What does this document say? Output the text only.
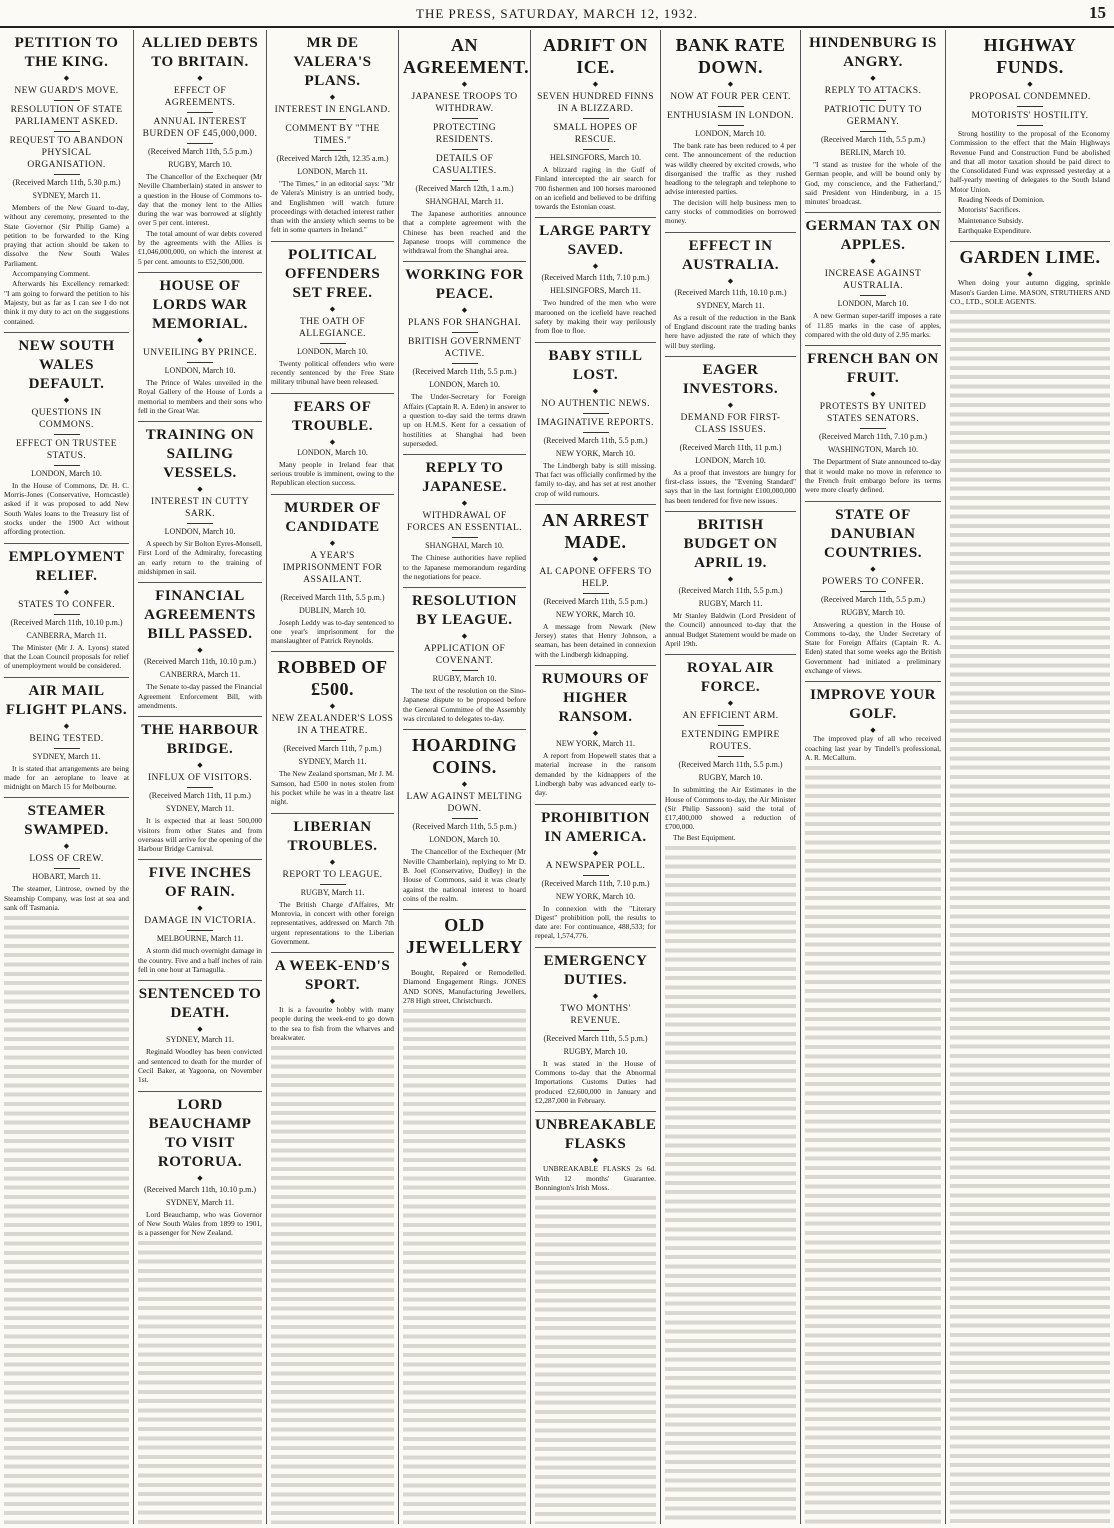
THE PRESS, SATURDAY, MARCH 12, 1932.	15
PETITION TO THE KING.
◆
NEW GUARD'S MOVE.
RESOLUTION OF STATE PARLIAMENT ASKED.
REQUEST TO ABANDON PHYSICAL ORGANISATION.
(Received March 11th, 5.30 p.m.)
SYDNEY, March 11.
Members of the New Guard to-day, without any ceremony, presented to the State Governor (Sir Philip Game) a petition to be forwarded to the King praying that action should be taken to dissolve the New South Wales Parliament.
Accompanying Comment.
Afterwards his Excellency remarked: "I am going to forward the petition to his Majesty, but as far as I can see I do not think it my duty to act on the suggestions contained.
NEW SOUTH WALES DEFAULT.
◆
QUESTIONS IN COMMONS.
EFFECT ON TRUSTEE STATUS.
LONDON, March 10.
In the House of Commons, Dr. H. C. Morris-Jones (Conservative, Horncastle) asked if it was proposed to add New South Wales loans to the Treasury list of stocks under the 1900 Act without affording protection.
EMPLOYMENT RELIEF.
◆
STATES TO CONFER.
(Received March 11th, 10.10 p.m.)
CANBERRA, March 11.
The Minister (Mr J. A. Lyons) stated that the Loan Council proposals for relief of unemployment would be considered.
AIR MAIL FLIGHT PLANS.
◆
BEING TESTED.
SYDNEY, March 11.
It is stated that arrangements are being made for an aeroplane to leave at midnight on March 15 for Melbourne.
STEAMER SWAMPED.
◆
LOSS OF CREW.
HOBART, March 11.
The steamer, Lintrose, owned by the Steamship Company, was lost at sea and sank off Tasmania.
ALLIED DEBTS TO BRITAIN.
◆
EFFECT OF AGREEMENTS.
ANNUAL INTEREST BURDEN OF £45,000,000.
(Received March 11th, 5.5 p.m.)
RUGBY, March 10.
The Chancellor of the Exchequer (Mr Neville Chamberlain) stated in answer to a question in the House of Commons to-day that the money lent to the Allies during the war was borrowed at slightly over 5 per cent. interest.
The total amount of war debts covered by the agreements with the Allies is £1,046,000,000, on which the interest at 5 per cent. amounts to £52,500,000.
HOUSE OF LORDS WAR MEMORIAL.
◆
UNVEILING BY PRINCE.
LONDON, March 10.
The Prince of Wales unveiled in the Royal Gallery of the House of Lords a memorial to members and their sons who fell in the Great War.
TRAINING ON SAILING VESSELS.
◆
INTEREST IN CUTTY SARK.
LONDON, March 10.
A speech by Sir Bolton Eyres-Monsell, First Lord of the Admiralty, forecasting an early return to the training of midshipmen in sail.
FINANCIAL AGREEMENTS BILL PASSED.
◆
(Received March 11th, 10.10 p.m.)
CANBERRA, March 11.
The Senate to-day passed the Financial Agreement Enforcement Bill, with amendments.
THE HARBOUR BRIDGE.
◆
INFLUX OF VISITORS.
(Received March 11th, 11 p.m.)
SYDNEY, March 11.
It is expected that at least 500,000 visitors from other States and from overseas will arrive for the opening of the Harbour Bridge Carnival.
FIVE INCHES OF RAIN.
◆
DAMAGE IN VICTORIA.
MELBOURNE, March 11.
A storm did much overnight damage in the country. Five and a half inches of rain fell in one hour at Tarnagulla.
SENTENCED TO DEATH.
◆
SYDNEY, March 11.
Reginald Woodley has been convicted and sentenced to death for the murder of Cecil Baker, at Yagoona, on November 1st.
LORD BEAUCHAMP TO VISIT ROTORUA.
◆
(Received March 11th, 10.10 p.m.)
SYDNEY, March 11.
Lord Beauchamp, who was Governor of New South Wales from 1899 to 1901, is a passenger for New Zealand.
MR DE VALERA'S PLANS.
◆
INTEREST IN ENGLAND.
COMMENT BY "THE TIMES."
(Received March 12th, 12.35 a.m.)
LONDON, March 11.
"The Times," in an editorial says: "Mr de Valera's Ministry is an untried body, and Englishmen will watch future proceedings with detached interest rather than with the anxiety which seems to be felt in some quarters in Ireland."
POLITICAL OFFENDERS SET FREE.
◆
THE OATH OF ALLEGIANCE.
LONDON, March 10.
Twenty political offenders who were recently sentenced by the Free State military tribunal have been released.
FEARS OF TROUBLE.
◆
LONDON, March 10.
Many people in Ireland fear that serious trouble is imminent, owing to the Republican election success.
MURDER OF CANDIDATE
◆
A YEAR'S IMPRISONMENT FOR ASSAILANT.
(Received March 11th, 5.5 p.m.)
DUBLIN, March 10.
Joseph Leddy was to-day sentenced to one year's imprisonment for the manslaughter of Patrick Reynolds.
ROBBED OF £500.
◆
NEW ZEALANDER'S LOSS IN A THEATRE.
(Received March 11th, 7 p.m.)
SYDNEY, March 11.
The New Zealand sportsman, Mr J. M. Samson, had £500 in notes stolen from his pocket while he was in a theatre last night.
LIBERIAN TROUBLES.
◆
REPORT TO LEAGUE.
RUGBY, March 11.
The British Charge d'Affaires, Mr Monrovia, in concert with other foreign representatives, addressed on March 7th urgent representations to the Liberian Government.
A WEEK-END'S SPORT.
◆
It is a favourite hobby with many people during the week-end to go down to the sea to fish from the wharves and breakwater.
AN AGREEMENT.
◆
JAPANESE TROOPS TO WITHDRAW.
PROTECTING RESIDENTS.
DETAILS OF CASUALTIES.
(Received March 12th, 1 a.m.)
SHANGHAI, March 11.
The Japanese authorities announce that a complete agreement with the Chinese has been reached and the Japanese troops will commence the withdrawal from the Shanghai area.
WORKING FOR PEACE.
◆
PLANS FOR SHANGHAI.
BRITISH GOVERNMENT ACTIVE.
(Received March 11th, 5.5 p.m.)
LONDON, March 10.
The Under-Secretary for Foreign Affairs (Captain R. A. Eden) in answer to a question to-day said the terms drawn up on H.M.S. Kent for a cessation of hostilities at Shanghai had been superseded.
REPLY TO JAPANESE.
◆
WITHDRAWAL OF FORCES AN ESSENTIAL.
SHANGHAI, March 10.
The Chinese authorities have replied to the Japanese memorandum regarding the negotiations for peace.
RESOLUTION BY LEAGUE.
◆
APPLICATION OF COVENANT.
RUGBY, March 10.
The text of the resolution on the Sino-Japanese dispute to be proposed before the General Committee of the Assembly was circulated to delegates to-day.
HOARDING COINS.
◆
LAW AGAINST MELTING DOWN.
(Received March 11th, 5.5 p.m.)
LONDON, March 10.
The Chancellor of the Exchequer (Mr Neville Chamberlain), replying to Mr D. B. Joel (Conservative, Dudley) in the House of Commons, said it was clearly against the national interest to hoard coins of the realm.
OLD JEWELLERY
◆
Bought, Repaired or Remodelled. Diamond Engagement Rings. JONES AND SONS, Manufacturing Jewellers, 278 High street, Christchurch.
ADRIFT ON ICE.
◆
SEVEN HUNDRED FINNS IN A BLIZZARD.
SMALL HOPES OF RESCUE.
HELSINGFORS, March 10.
A blizzard raging in the Gulf of Finland intercepted the air search for 700 fishermen and 100 horses marooned on an icefield and believed to be drifting towards the Estonian coast.
LARGE PARTY SAVED.
◆
(Received March 11th, 7.10 p.m.)
HELSINGFORS, March 11.
Two hundred of the men who were marooned on the icefield have reached safety by making their way perilously from floe to floe.
BABY STILL LOST.
◆
NO AUTHENTIC NEWS.
IMAGINATIVE REPORTS.
(Received March 11th, 5.5 p.m.)
NEW YORK, March 10.
The Lindbergh baby is still missing. That fact was officially confirmed by the family to-day, and has set at rest another crop of wild rumours.
AN ARREST MADE.
◆
AL CAPONE OFFERS TO HELP.
(Received March 11th, 5.5 p.m.)
NEW YORK, March 10.
A message from Newark (New Jersey) states that Henry Johnson, a seaman, has been detained in connexion with the Lindbergh kidnapping.
RUMOURS OF HIGHER RANSOM.
◆
NEW YORK, March 11.
A report from Hopewell states that a material increase in the ransom demanded by the kidnappers of the Lindbergh baby was advanced early to-day.
PROHIBITION IN AMERICA.
◆
A NEWSPAPER POLL.
(Received March 11th, 7.10 p.m.)
NEW YORK, March 10.
In connexion with the "Literary Digest" prohibition poll, the results to date are: For continuance, 488,533; for repeal, 1,574,776.
EMERGENCY DUTIES.
◆
TWO MONTHS' REVENUE.
(Received March 11th, 5.5 p.m.)
RUGBY, March 10.
It was stated in the House of Commons to-day that the Abnormal Importations Customs Duties had produced £2,600,000 in January and £2,287,000 in February.
UNBREAKABLE FLASKS
◆
UNBREAKABLE FLASKS 2s 6d. With 12 months' Guarantee. Bonnington's Irish Moss.
BANK RATE DOWN.
◆
NOW AT FOUR PER CENT.
ENTHUSIASM IN LONDON.
LONDON, March 10.
The bank rate has been reduced to 4 per cent. The announcement of the reduction was wildly cheered by excited crowds, who disorganised the traffic as they rushed headlong to the telegraph and telephone to advise interested parties.
The decision will help business men to carry stocks of commodities on borrowed money.
EFFECT IN AUSTRALIA.
◆
(Received March 11th, 10.10 p.m.)
SYDNEY, March 11.
As a result of the reduction in the Bank of England discount rate the trading banks here have adjusted the rate of which they will buy sterling.
EAGER INVESTORS.
◆
DEMAND FOR FIRST-CLASS ISSUES.
(Received March 11th, 11 p.m.)
LONDON, March 10.
As a proof that investors are hungry for first-class issues, the "Evening Standard" says that in the last fortnight £100,000,000 has been tendered for five new issues.
BRITISH BUDGET ON APRIL 19.
◆
(Received March 11th, 5.5 p.m.)
RUGBY, March 11.
Mr Stanley Baldwin (Lord President of the Council) announced to-day that the annual Budget Statement would be made on April 19th.
ROYAL AIR FORCE.
◆
AN EFFICIENT ARM.
EXTENDING EMPIRE ROUTES.
(Received March 11th, 5.5 p.m.)
RUGBY, March 10.
In submitting the Air Estimates in the House of Commons to-day, the Air Minister (Sir Philip Sassoon) said the total of £17,400,000 showed a reduction of £700,000.
The Best Equipment.
HINDENBURG IS ANGRY.
◆
REPLY TO ATTACKS.
PATRIOTIC DUTY TO GERMANY.
(Received March 11th, 5.5 p.m.)
BERLIN, March 10.
"I stand as trustee for the whole of the German people, and will be bound only by God, my conscience, and the Fatherland," said President von Hindenburg, in a 15 minutes' broadcast.
GERMAN TAX ON APPLES.
◆
INCREASE AGAINST AUSTRALIA.
LONDON, March 10.
A new German super-tariff imposes a rate of 11.85 marks in the case of apples, compared with the old duty of 2.95 marks.
FRENCH BAN ON FRUIT.
◆
PROTESTS BY UNITED STATES SENATORS.
(Received March 11th, 7.10 p.m.)
WASHINGTON, March 10.
The Department of State announced to-day that it would make no move in reference to the French fruit embargo before its terms were more clearly defined.
STATE OF DANUBIAN COUNTRIES.
◆
POWERS TO CONFER.
(Received March 11th, 5.5 p.m.)
RUGBY, March 10.
Answering a question in the House of Commons to-day, the Under Secretary of State for Foreign Affairs (Captain R. A. Eden) stated that some weeks ago the British Government had initiated a preliminary exchange of views.
IMPROVE YOUR GOLF.
◆
The improved play of all who received coaching last year by Tindell's professional, A. R. McCallum.
HIGHWAY FUNDS.
◆
PROPOSAL CONDEMNED.
MOTORISTS' HOSTILITY.
Strong hostility to the proposal of the Economy Commission to the effect that the Main Highways Revenue Fund and Construction Fund be abolished and that all motor taxation should be paid direct to the Consolidated Fund was expressed yesterday at a half-yearly meeting of delegates to the South Island Motor Union.
Reading Needs of Dominion.
Motorists' Sacrifices.
Maintenance Subsidy.
Earthquake Expenditure.
GARDEN LIME.
◆
When doing your autumn digging, sprinkle Mason's Garden Lime. MASON, STRUTHERS AND CO., LTD., SOLE AGENTS.
